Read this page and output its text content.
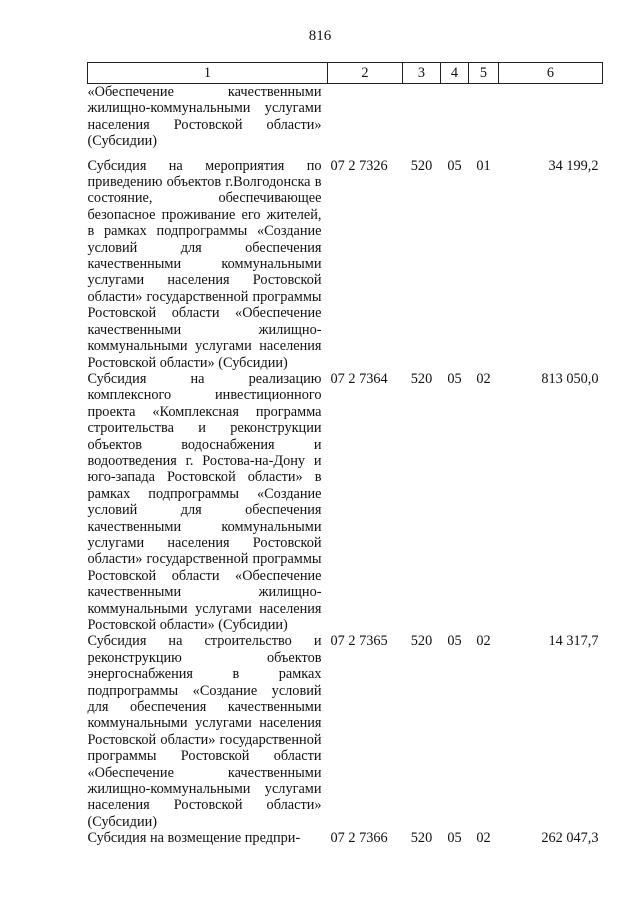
816
1	2	3	4	5	6
«Обеспечение качественными жилищно-коммунальными услугами населения Ростовской области» (Субсидии)					
Субсидия на мероприятия по приведению объектов г.Волгодонска в состояние, обеспечивающее безопасное проживание его жителей, в рамках подпрограммы «Создание условий для обеспечения качественными коммунальными услугами населения Ростовской области» государственной программы Ростовской области «Обеспечение качественными жилищно-коммунальными услугами населения Ростовской области» (Субсидии)	07 2 7326	520	05	01	34 199,2
Субсидия на реализацию комплексного инвестиционного проекта «Комплексная программа строительства и реконструкции объектов водоснабжения и водоотведения г. Ростова-на-Дону и юго-запада Ростовской области» в рамках подпрограммы «Создание условий для обеспечения качественными коммунальными услугами населения Ростовской области» государственной программы Ростовской области «Обеспечение качественными жилищно-коммунальными услугами населения Ростовской области» (Субсидии)	07 2 7364	520	05	02	813 050,0
Субсидия на строительство и реконструкцию объектов энергоснабжения в рамках подпрограммы «Создание условий для обеспечения качественными коммунальными услугами населения Ростовской области» государственной программы Ростовской области «Обеспечение качественными жилищно-коммунальными услугами населения Ростовской области» (Субсидии)	07 2 7365	520	05	02	14 317,7
Субсидия на возмещение предпри-	07 2 7366	520	05	02	262 047,3
